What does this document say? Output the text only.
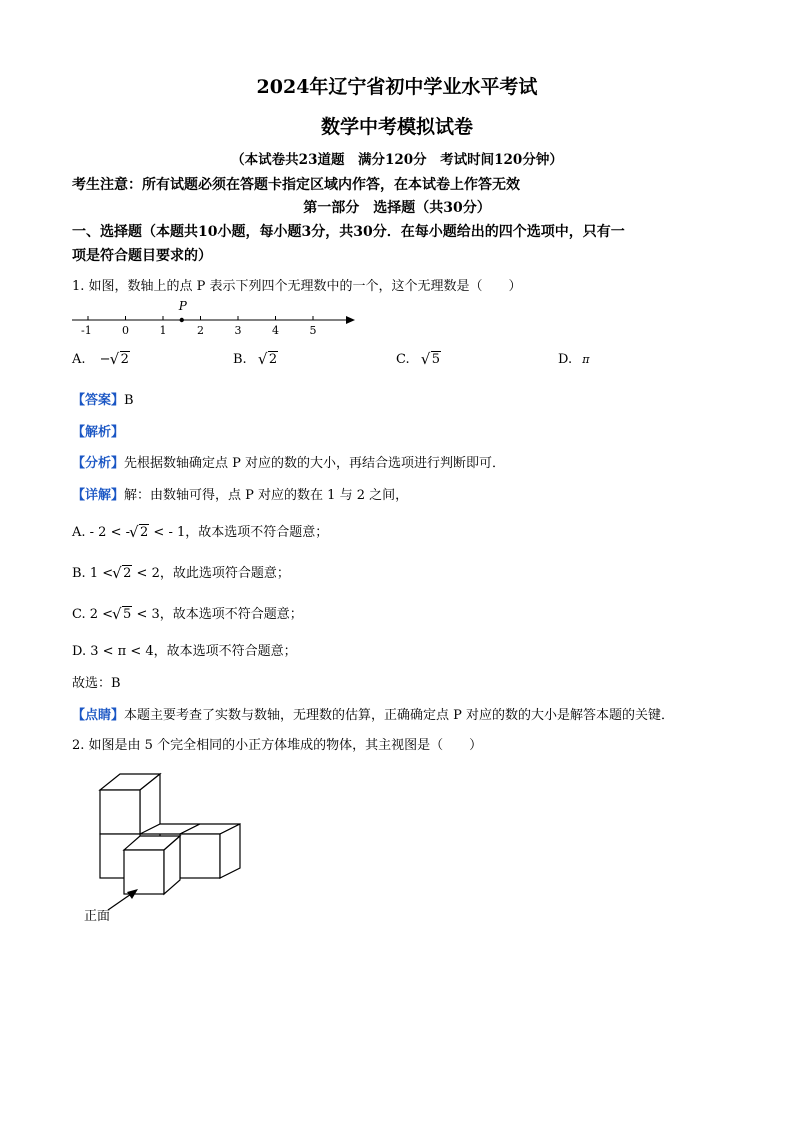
2024年辽宁省初中学业水平考试
数学中考模拟试卷
（本试卷共23道题　满分120分　考试时间120分钟）
考生注意：所有试题必须在答题卡指定区域内作答，在本试卷上作答无效
第一部分　选择题（共30分）
一、选择题（本题共10小题，每小题3分，共30分．在每小题给出的四个选项中，只有一
项是符合题目要求的）
1. 如图，数轴上的点 P 表示下列四个无理数中的一个，这个无理数是（　　）
-1	0	1	2	3	4	5
P
A. − √ 2	B. √ 2	C. √ 5	D. π
【答案】B
【解析】
【分析】先根据数轴确定点 P 对应的数的大小，再结合选项进行判断即可．
【详解】解：由数轴可得，点 P 对应的数在 1 与 2 之间，
A. - 2 < - √ 2 < - 1，故本选项不符合题意；
B. 1 < √ 2 < 2，故此选项符合题意；
C. 2 < √ 5 < 3，故本选项不符合题意；
D. 3 < π < 4，故本选项不符合题意；
故选：B
【点睛】本题主要考查了实数与数轴，无理数的估算，正确确定点 P 对应的数的大小是解答本题的关键．
2. 如图是由 5 个完全相同的小正方体堆成的物体，其主视图是（　　）
正面
